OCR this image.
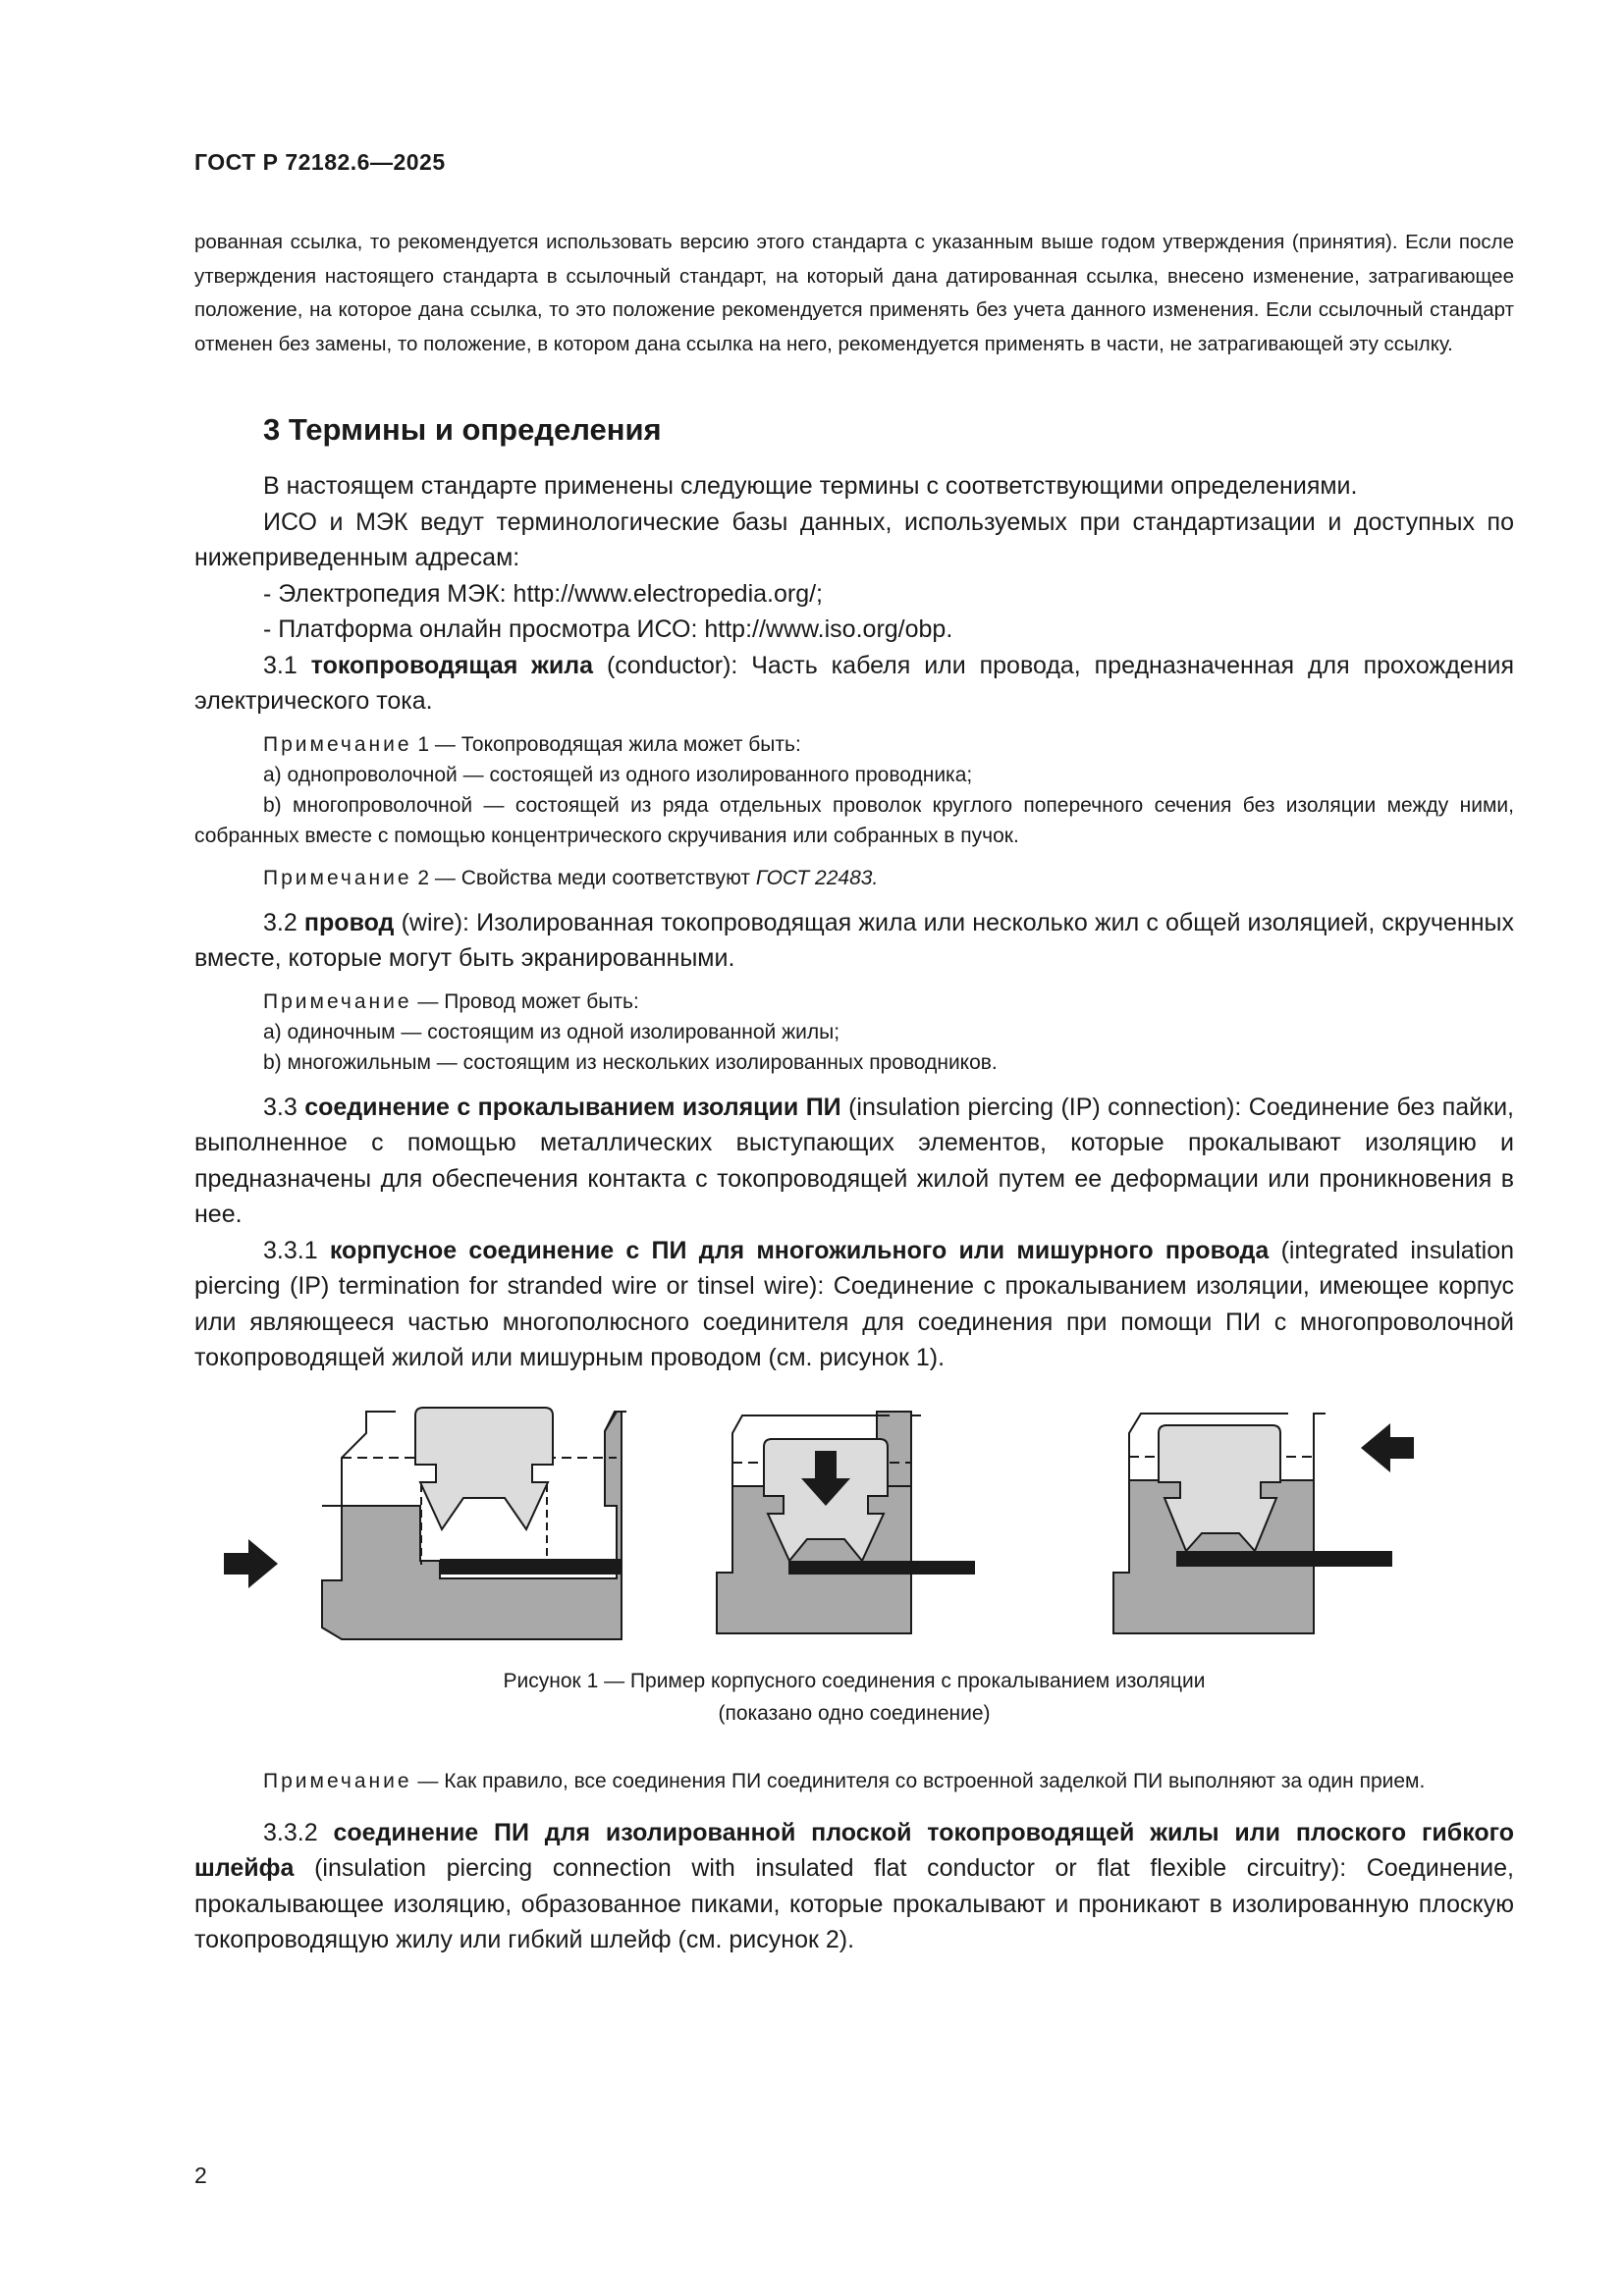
ГОСТ Р 72182.6—2025

рованная ссылка, то рекомендуется использовать версию этого стандарта с указанным выше годом утверждения (принятия). Если после утверждения настоящего стандарта в ссылочный стандарт, на который дана датированная ссылка, внесено изменение, затрагивающее положение, на которое дана ссылка, то это положение рекомендуется применять без учета данного изменения. Если ссылочный стандарт отменен без замены, то положение, в котором дана ссылка на него, рекомендуется применять в части, не затрагивающей эту ссылку.

3 Термины и определения

В настоящем стандарте применены следующие термины с соответствующими определениями.

ИСО и МЭК ведут терминологические базы данных, используемых при стандартизации и доступных по нижеприведенным адресам:

- Электропедия МЭК: http://www.electropedia.org/;

- Платформа онлайн просмотра ИСО: http://www.iso.org/obp.

3.1 токопроводящая жила (conductor): Часть кабеля или провода, предназначенная для прохождения электрического тока.

Примечание 1 — Токопроводящая жила может быть:

а) однопроволочной — состоящей из одного изолированного проводника;

b) многопроволочной — состоящей из ряда отдельных проволок круглого поперечного сечения без изоляции между ними, собранных вместе с помощью концентрического скручивания или собранных в пучок.

Примечание 2 — Свойства меди соответствуют ГОСТ 22483.

3.2 провод (wire): Изолированная токопроводящая жила или несколько жил с общей изоляцией, скрученных вместе, которые могут быть экранированными.

Примечание — Провод может быть:

а) одиночным — состоящим из одной изолированной жилы;

b) многожильным — состоящим из нескольких изолированных проводников.

3.3 соединение с прокалыванием изоляции ПИ (insulation piercing (IP) connection): Соединение без пайки, выполненное с помощью металлических выступающих элементов, которые прокалывают изоляцию и предназначены для обеспечения контакта с токопроводящей жилой путем ее деформации или проникновения в нее.

3.3.1 корпусное соединение с ПИ для многожильного или мишурного провода (integrated insulation piercing (IP) termination for stranded wire or tinsel wire): Соединение с прокалыванием изоляции, имеющее корпус или являющееся частью многополюсного соединителя для соединения при помощи ПИ с многопроволочной токопроводящей жилой или мишурным проводом (см. рисунок 1).

Рисунок 1 — Пример корпусного соединения с прокалыванием изоляции

(показано одно соединение)

Примечание — Как правило, все соединения ПИ соединителя со встроенной заделкой ПИ выполняют за один прием.

3.3.2 соединение ПИ для изолированной плоской токопроводящей жилы или плоского гибкого шлейфа (insulation piercing connection with insulated flat conductor or flat flexible circuitry): Соединение, прокалывающее изоляцию, образованное пиками, которые прокалывают и проникают в изолированную плоскую токопроводящую жилу или гибкий шлейф (см. рисунок 2).

2
